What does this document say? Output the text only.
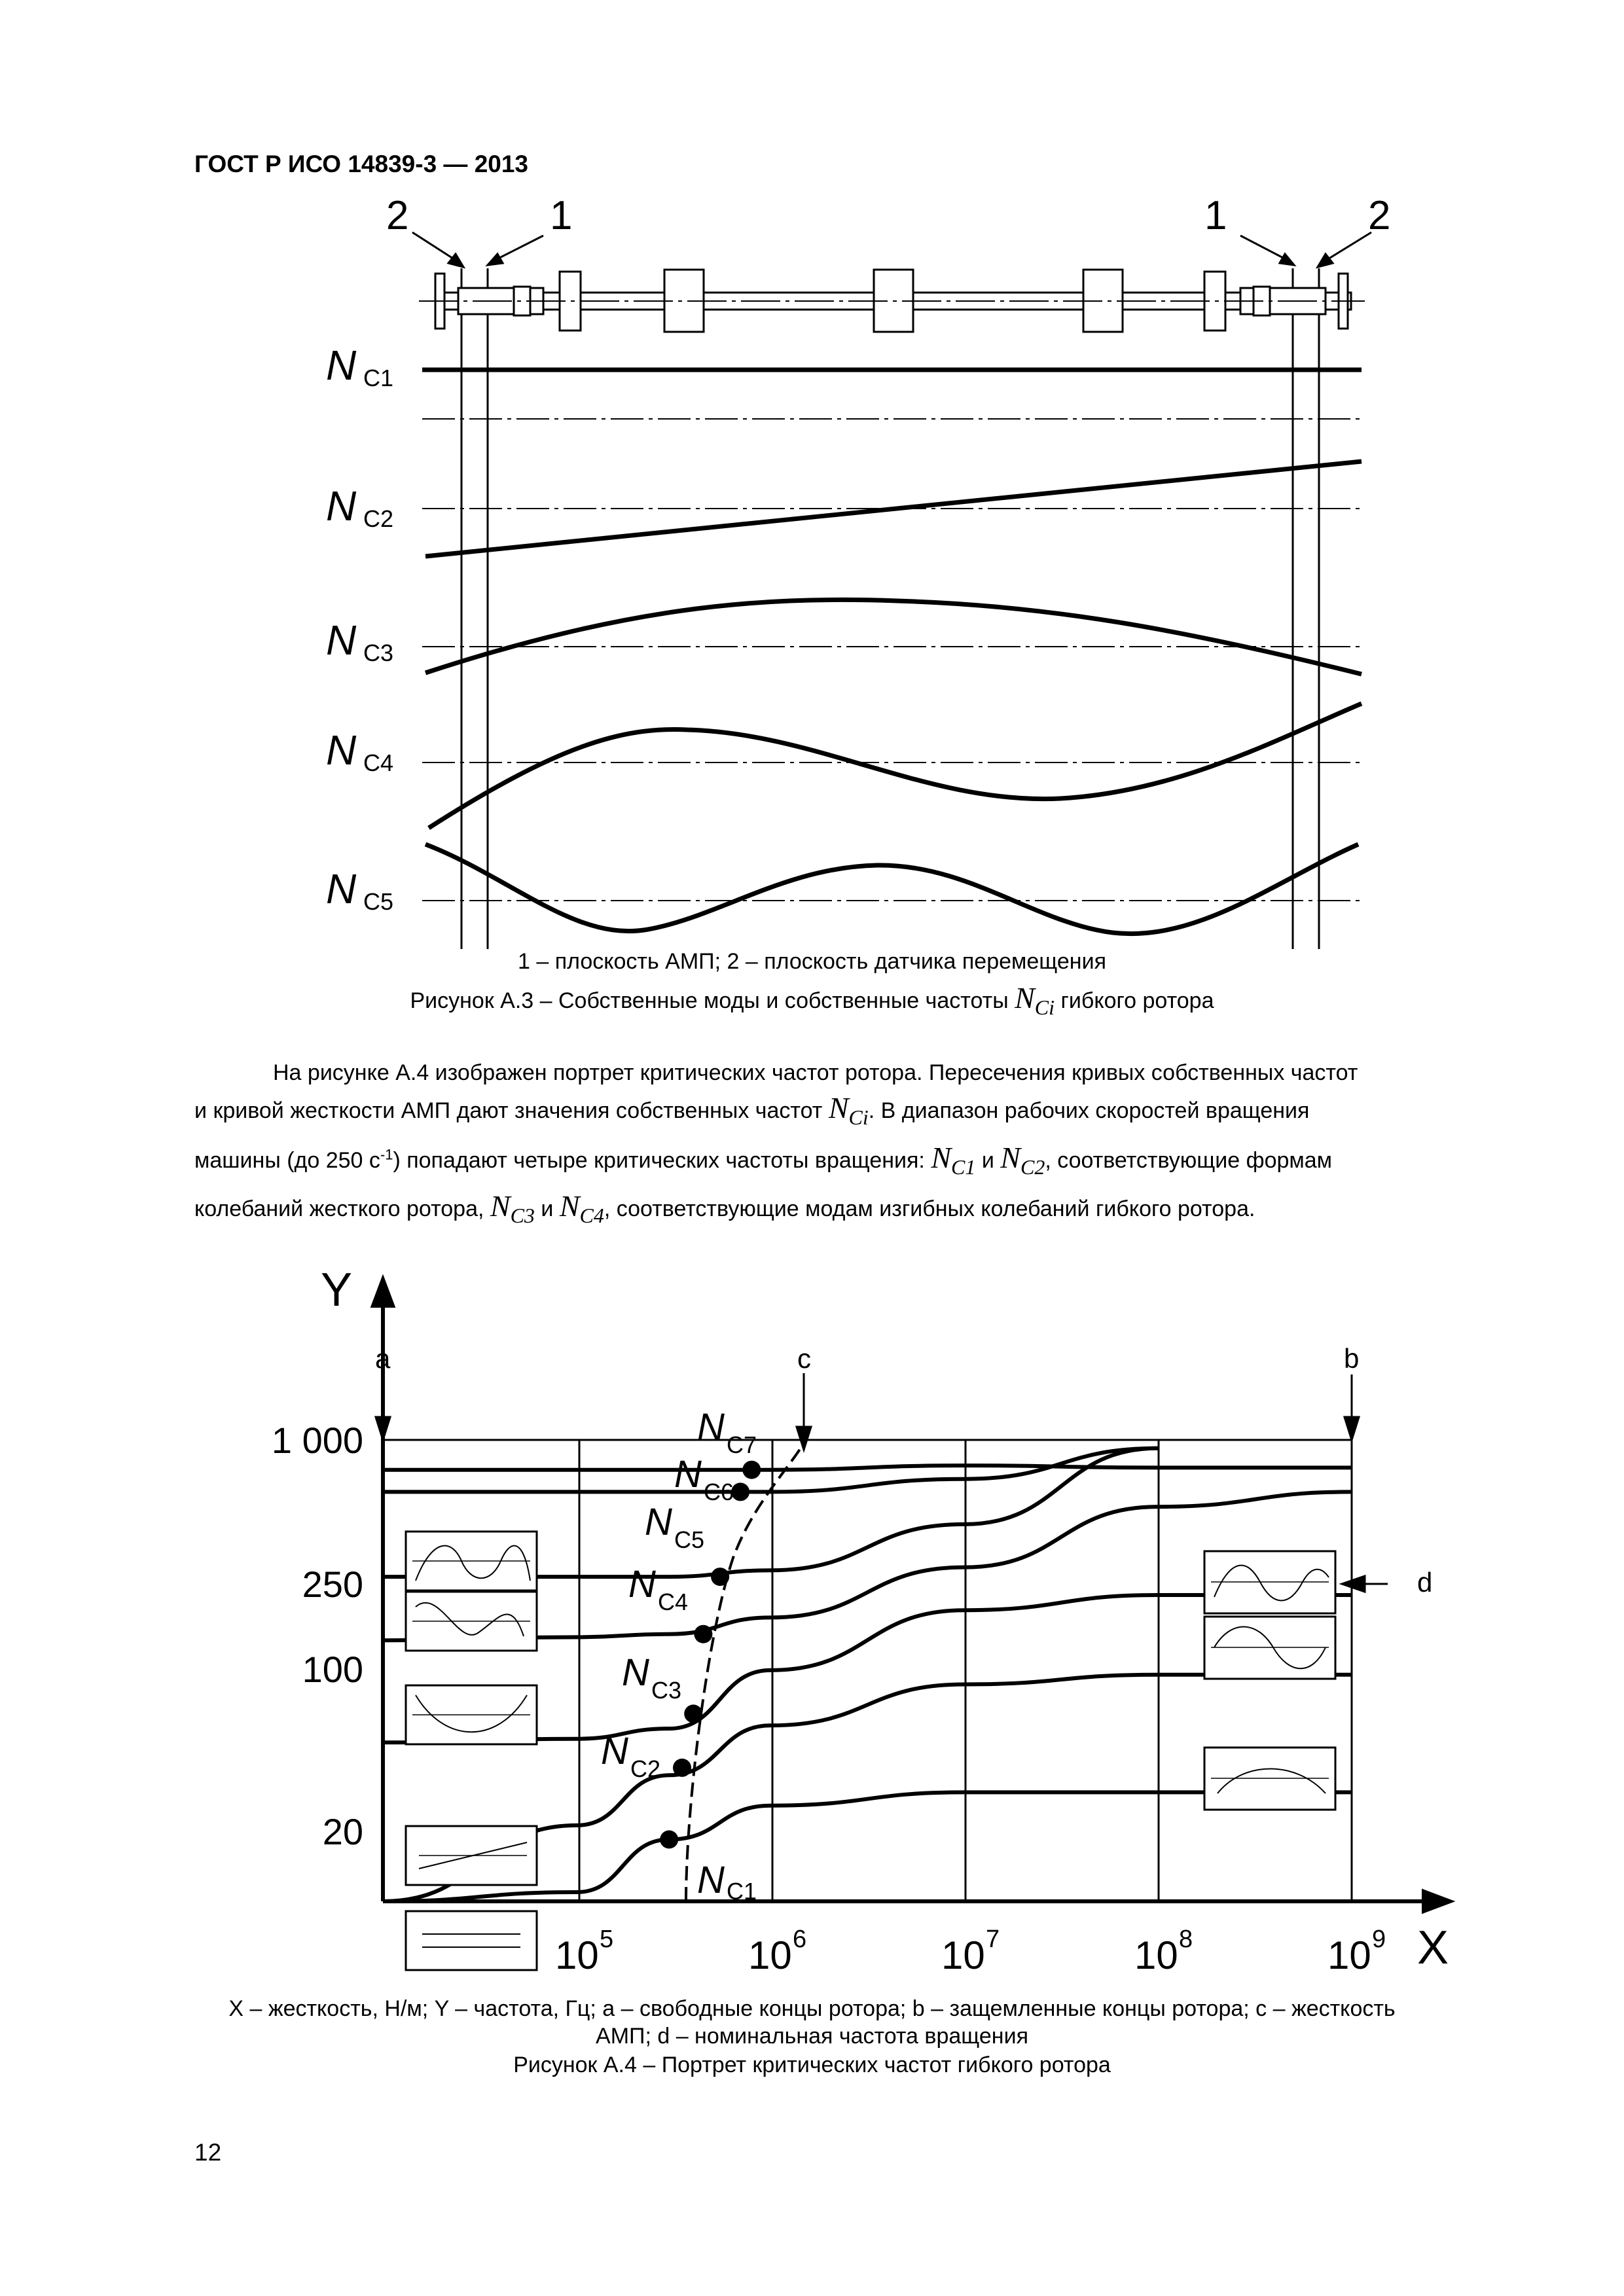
ГОСТ Р ИСО 14839-3 — 2013
2	1	1	2
N C1
N C2
N C3
N C4
N C5
1 – плоскость АМП; 2 – плоскость датчика перемещения
Рисунок А.3 – Собственные моды и собственные частоты $N_{Ci}$ гибкого ротора
На рисунке А.4 изображен портрет критических частот ротора. Пересечения кривых собственных частот
и кривой жесткости АМП дают значения собственных частот $N_{Ci}$. В диапазон рабочих скоростей вращения
машины (до 250 $с^{-1}$) попадают четыре критических частоты вращения: $N_{C1}$ и $N_{C2}$, соответствующие формам
колебаний жесткого ротора, $N_{C3}$ и $N_{C4}$, соответствующие модам изгибных колебаний гибкого ротора.
a	b
c
d
Y
X
1 000
250
100
20
10 5	10 6	10 7	10 8	10 9
N C1
N C2
N C3
N C4
N C5
N C6
N C7
X – жесткость, Н/м; Y – частота, Гц; a – свободные концы ротора; b – защемленные концы ротора; c – жесткость
АМП; d – номинальная частота вращения
Рисунок А.4 – Портрет критических частот гибкого ротора
12
